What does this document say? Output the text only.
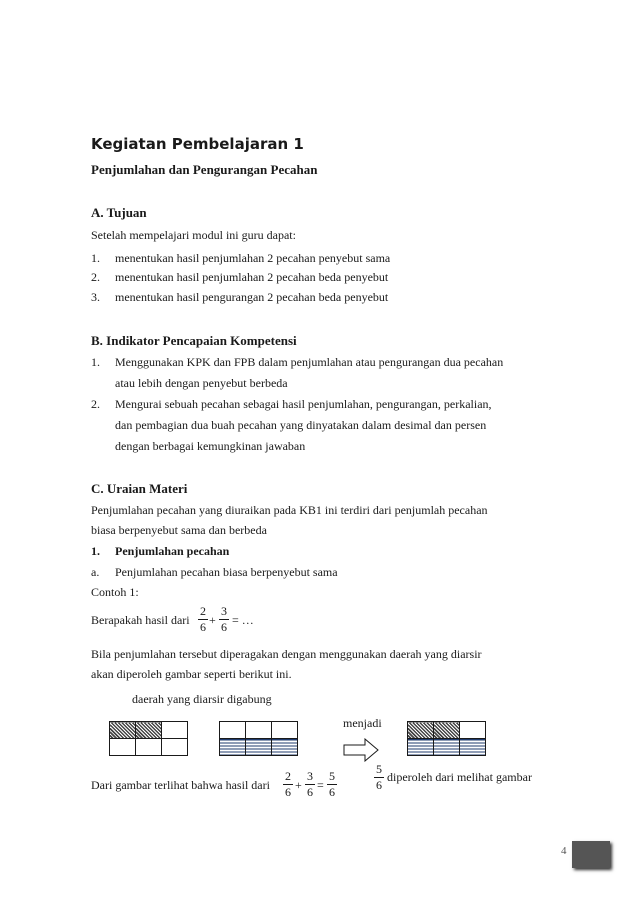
Kegiatan Pembelajaran 1
Penjumlahan dan Pengurangan Pecahan
A. Tujuan
Setelah mempelajari modul ini guru dapat:
1. menentukan hasil penjumlahan 2 pecahan penyebut sama
2. menentukan hasil penjumlahan 2 pecahan beda penyebut
3. menentukan hasil pengurangan 2 pecahan beda penyebut
B. Indikator Pencapaian Kompetensi
1. Menggunakan KPK dan FPB dalam penjumlahan atau pengurangan dua pecahan
atau lebih dengan penyebut berbeda
2. Mengurai sebuah pecahan sebagai hasil penjumlahan, pengurangan, perkalian,
dan pembagian dua buah pecahan yang dinyatakan dalam desimal dan persen
dengan berbagai kemungkinan jawaban
C. Uraian Materi
Penjumlahan pecahan yang diuraikan pada KB1 ini terdiri dari penjumlah pecahan
biasa berpenyebut sama dan berbeda
1. Penjumlahan pecahan
a. Penjumlahan pecahan biasa berpenyebut sama
Contoh 1:
Berapakah hasil dari
2
6 +
3
6 = …
Bila penjumlahan tersebut diperagakan dengan menggunakan daerah yang diarsir
akan diperoleh gambar seperti berikut ini.
daerah yang diarsir digabung
menjadi

Dari gambar terlihat bahwa hasil dari
2
6 +
3
6 =
5
6
5
6
diperoleh dari melihat gambar
4
